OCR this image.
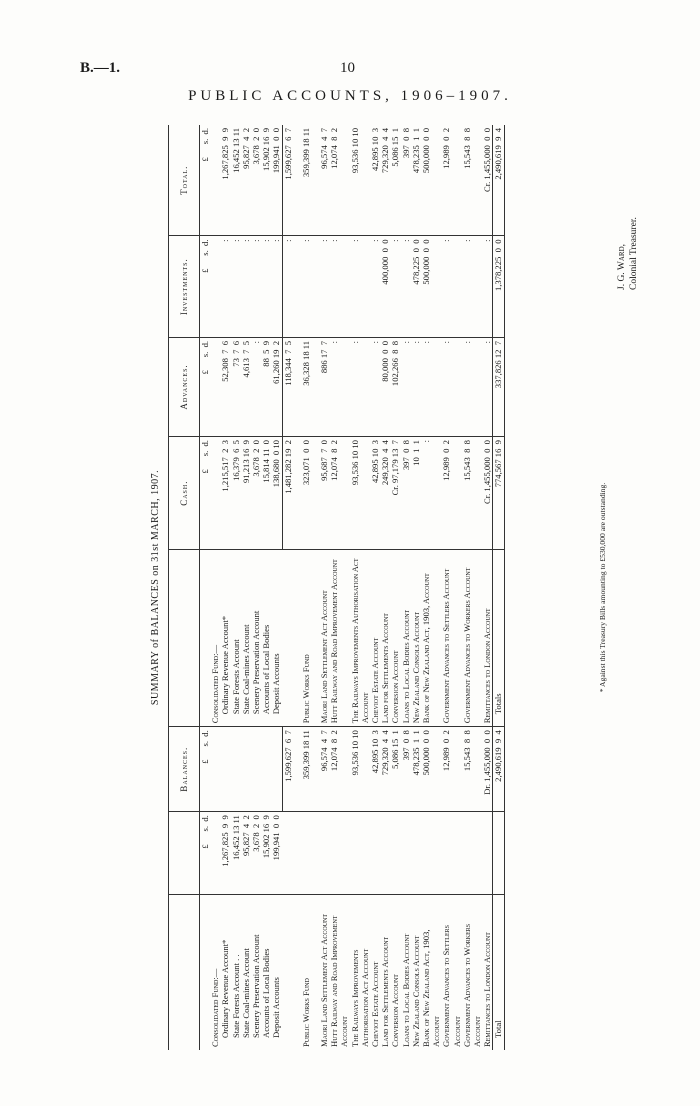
B.—1.	10
PUBLIC ACCOUNTS, 1906–1907.
SUMMARY of BALANCES on 31st MARCH, 1907.
		Balances.		Cash.	Advances.	Investments.	Total.
	£      s.  d.	£      s.  d.		£      s.  d.	£      s.  d.	£      s.  d.	£      s.  d.
Consolidated Fund:—			Consolidated Fund:—				
Ordinary Revenue Account*	1,267,825  9  9		Ordinary Revenue Account*	1,215,517  2  3	52,308  7  6	:	1,267,825  9  9
State Forests Account . .	16,452 13 11		State Forests Account	16,379  6  5	73  7  6	:	16,452 13 11
State Coal-mines Account	95,827  4  2		State Coal-mines Account	91,213 16  9	4,613  7  5	:	95,827  4  2
Scenery Preservation Account	3,678  2  0		Scenery Preservation Account	3,678  2  0	:	:	3,678  2  0
Accounts of Local Bodies	15,902 16  9		Accounts of Local Bodies	15,814 11  0	88  5  9	:	15,902 16  9
Deposit Accounts	199,941  0  0		Deposit Accounts	138,680  0 10	61,260 19  2	:	199,941  0  0
		1,599,627  6  7		1,481,282 19  2	118,344  7  5	:	1,599,627  6  7

Public Works Fund		359,399 18 11	Public Works Fund	323,071  0  0	36,328 18 11	:	359,399 18 11

Maori Land Settlement Act Account		96,574  4  7	Maori Land Settlement Act Account	95,687  7  0	886 17  7	:	96,574  4  7
Hutt Railway and Road Improvement Account		12,074  8  2	Hutt Railway and Road Improvement Account	12,074  8  2	:	:	12,074  8  2
The Railways Improvements Authorisation Act Account		93,536 10 10	The Railways Improvements Authorisation Act Account	93,536 10 10	:	:	93,536 10 10
Cheviot Estate Account		42,895 10  3	Cheviot Estate Account	42,895 10  3	:	:	42,895 10  3
Land for Settlements Account		729,320  4  4	Land for Settlements Account	249,320  4  4	80,000  0  0	400,000  0  0	729,320  4  4
Conversion Account		5,086 15  1	Conversion Account	Cr. 97,179 13  7	102,266  8  8	:	5,086 15  1
Loans to Local Bodies Account		397  0  8	Loans to Local Bodies Account	397  0  8	:	:	397  0  8
New Zealand Consols Account		478,235  1  1	New Zealand Consols Account	10  1  1	:	478,225  0  0	478,235  1  1
Bank of New Zealand Act, 1903, Account		500,000  0  0	Bank of New Zealand Act, 1903, Account	:	:	500,000  0  0	500,000  0  0
Government Advances to Settlers Account		12,989  0  2	Government Advances to Settlers Account	12,989  0  2	:	:	12,989  0  2
Government Advances to Workers Account		15,543  8  8	Government Advances to Workers Account	15,543  8  8	:	:	15,543  8  8
Remittances to London Account		Dr. 1,455,000  0  0	Remittances to London Account	Cr. 1,455,000  0  0	:	:	Cr. 1,455,000  0  0
Total		2,490,619  9  4	Totals	774,567 16  9	337,826 12  7	1,378,225  0  0	2,490,619  9  4
* Against this Treasury Bills amounting to £530,000 are outstanding.
J. G. Ward, Colonial Treasurer.
